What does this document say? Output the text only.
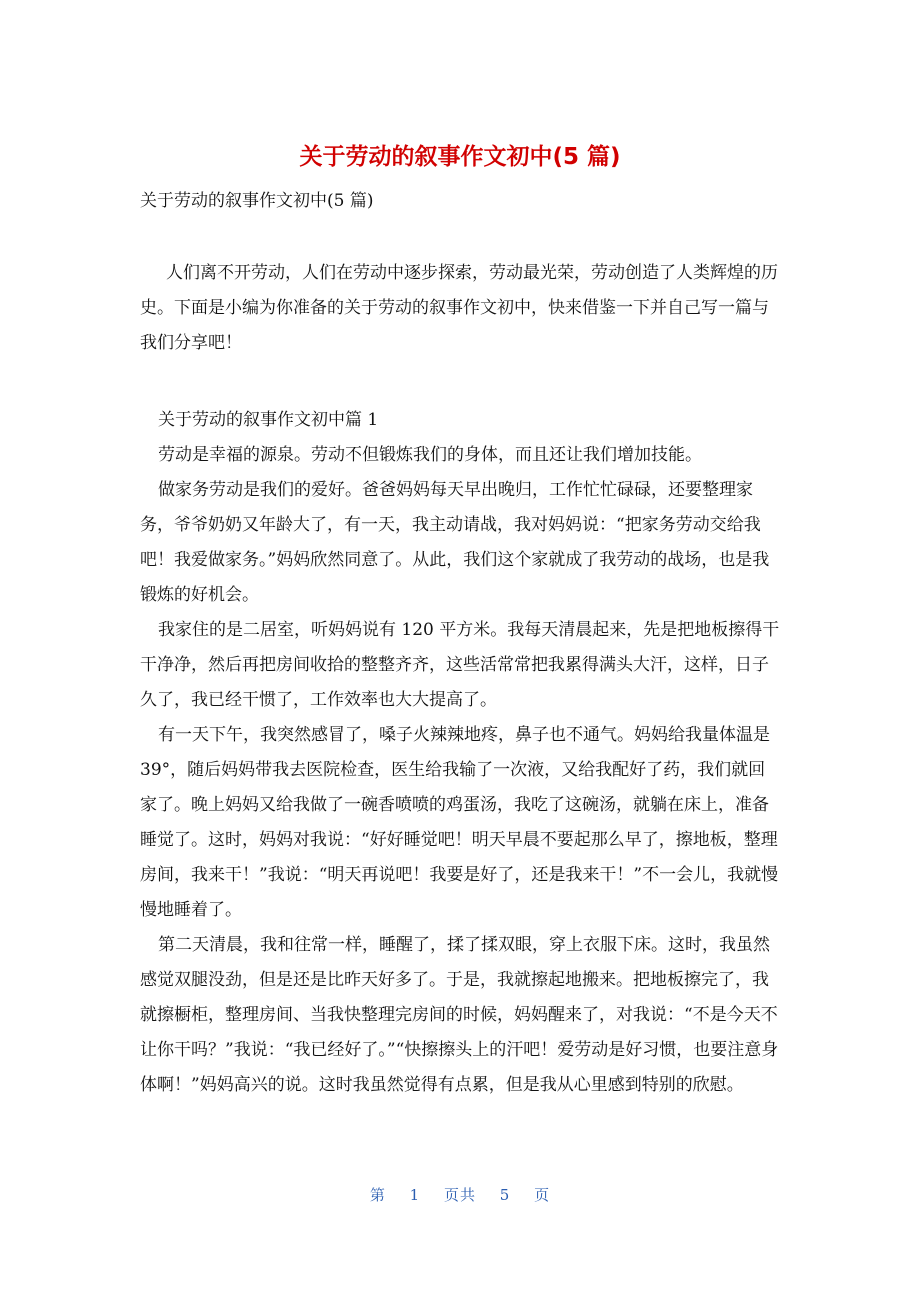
关于劳动的叙事作文初中(5 篇)
关于劳动的叙事作文初中(5 篇)
人们离不开劳动，人们在劳动中逐步探索，劳动最光荣，劳动创造了人类辉煌的历史。下面是小编为你准备的关于劳动的叙事作文初中，快来借鉴一下并自己写一篇与我们分享吧！
关于劳动的叙事作文初中篇 1

劳动是幸福的源泉。劳动不但锻炼我们的身体，而且还让我们增加技能。

做家务劳动是我们的爱好。爸爸妈妈每天早出晚归，工作忙忙碌碌，还要整理家务，爷爷奶奶又年龄大了，有一天，我主动请战，我对妈妈说：“把家务劳动交给我吧！我爱做家务。”妈妈欣然同意了。从此，我们这个家就成了我劳动的战场，也是我锻炼的好机会。

我家住的是二居室，听妈妈说有 120 平方米。我每天清晨起来，先是把地板擦得干干净净，然后再把房间收拾的整整齐齐，这些活常常把我累得满头大汗，这样，日子久了，我已经干惯了，工作效率也大大提高了。

有一天下午，我突然感冒了，嗓子火辣辣地疼，鼻子也不通气。妈妈给我量体温是 39°，随后妈妈带我去医院检查，医生给我输了一次液，又给我配好了药，我们就回家了。晚上妈妈又给我做了一碗香喷喷的鸡蛋汤，我吃了这碗汤，就躺在床上，准备睡觉了。这时，妈妈对我说：“好好睡觉吧！明天早晨不要起那么早了，擦地板，整理房间，我来干！”我说：“明天再说吧！我要是好了，还是我来干！”不一会儿，我就慢慢地睡着了。

第二天清晨，我和往常一样，睡醒了，揉了揉双眼，穿上衣服下床。这时，我虽然感觉双腿没劲，但是还是比昨天好多了。于是，我就擦起地搬来。把地板擦完了，我就擦橱柜，整理房间、当我快整理完房间的时候，妈妈醒来了，对我说：“不是今天不让你干吗？”我说：“我已经好了。”“快擦擦头上的汗吧！爱劳动是好习惯，也要注意身体啊！”妈妈高兴的说。这时我虽然觉得有点累，但是我从心里感到特别的欣慰。

第 1 页共 5 页
